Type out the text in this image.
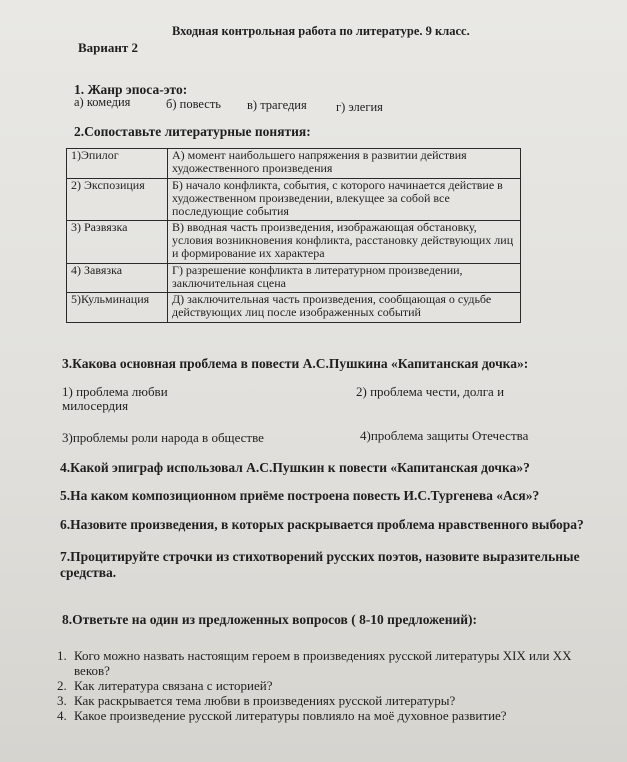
Входная контрольная работа по литературе. 9 класс.
Вариант 2
1. Жанр эпоса-это:
а) комедия	б) повесть в) трагедия г) элегия
2.Сопоставьте литературные понятия:
1)Эпилог	А) момент наибольшего напряжения в развитии действия художественного произведения
2) Экспозиция	Б) начало конфликта, события, с которого начинается действие в художественном произведении, влекущее за собой все последующие события
3) Развязка	В) вводная часть произведения, изображающая обстановку, условия возникновения конфликта, расстановку действующих лиц и формирование их характера
4) Завязка	Г) разрешение конфликта в литературном произведении, заключительная сцена
5)Кульминация	Д) заключительная часть произведения, сообщающая о судьбе действующих лиц после изображенных событий
3.Какова основная проблема в повести А.С.Пушкина «Капитанская дочка»:
1) проблема любви
милосердия
2) проблема чести, долга и
3)проблемы роли народа в обществе	4)проблема защиты Отечества
4.Какой эпиграф использовал А.С.Пушкин к повести «Капитанская дочка»?
5.На каком композиционном приёме построена повесть И.С.Тургенева «Ася»?
6.Назовите произведения, в которых раскрывается проблема нравственного выбора?
7.Процитируйте строчки из стихотворений русских поэтов, назовите выразительные
средства.
8.Ответьте на один из предложенных вопросов ( 8-10 предложений):
1. Кого можно назвать настоящим героем в произведениях русской литературы XIX или XX веков?
2. Как литература связана с историей?
3. Как раскрывается тема любви в произведениях русской литературы?
4. Какое произведение русской литературы повлияло на моё духовное развитие?
